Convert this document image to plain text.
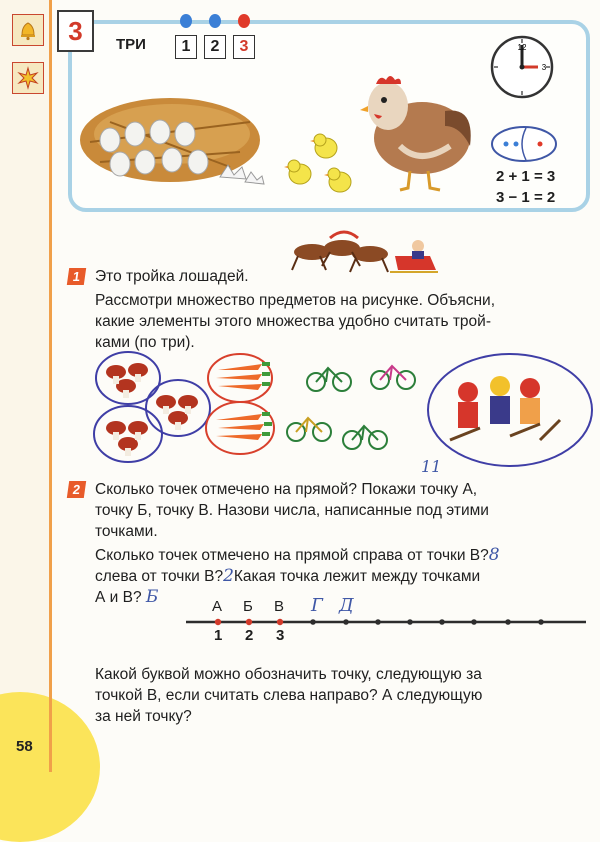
58
3	ТРИ	1	2	3	12
3
2 + 1 = 3
3 − 1 = 2
1 Это тройка лошадей.
Рассмотри множество предметов на рисунке. Объясни,
какие элементы этого множества удобно считать трой-
ками (по три).
11
2 Сколько точек отмечено на прямой? Покажи точку А,
точку Б, точку В. Назови числа, написанные под этими
точками.
Сколько точек отмечено на прямой справа от точки В?8
слева от точки В?2Какая точка лежит между точками
А и В? Б	А Б В Г Д
1 2 3
Какой буквой можно обозначить точку, следующую за
точкой В, если считать слева направо? А следующую
за ней точку?
